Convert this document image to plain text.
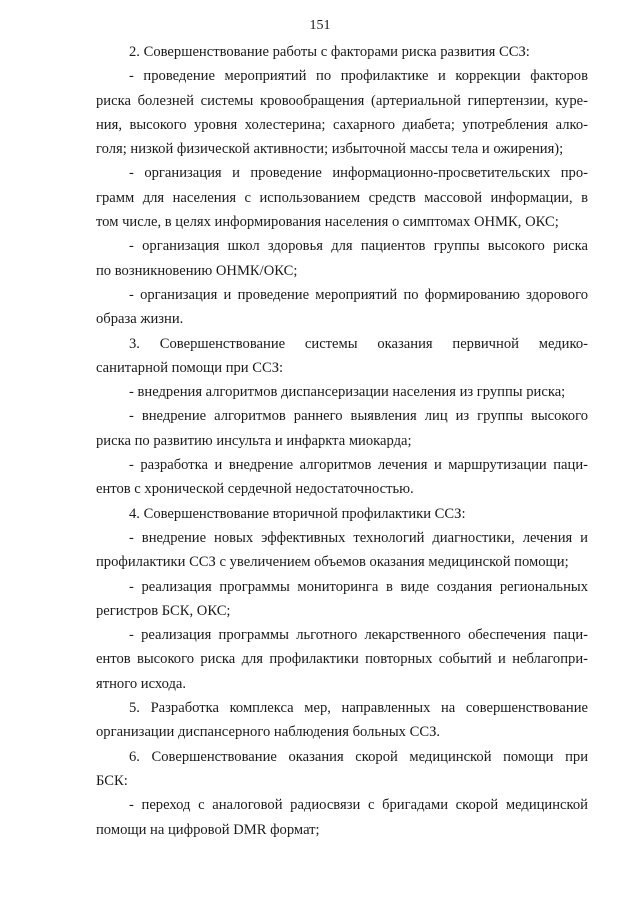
151

2. Совершенствование работы с факторами риска развития ССЗ:

- проведение мероприятий по профилактике и коррекции факторов
риска болезней системы кровообращения (артериальной гипертензии, куре-
ния, высокого уровня холестерина; сахарного диабета; употребления алко-
голя; низкой физической активности; избыточной массы тела и ожирения);

- организация и проведение информационно-просветительских про-
грамм для населения с использованием средств массовой информации, в
том числе, в целях информирования населения о симптомах ОНМК, ОКС;

- организация школ здоровья для пациентов группы высокого риска
по возникновению ОНМК/ОКС;

- организация и проведение мероприятий по формированию здорового
образа жизни.

3. Совершенствование системы оказания первичной медико-
санитарной помощи при ССЗ:

- внедрения алгоритмов диспансеризации населения из группы риска;

- внедрение алгоритмов раннего выявления лиц из группы высокого
риска по развитию инсульта и инфаркта миокарда;

- разработка и внедрение алгоритмов лечения и маршрутизации паци-
ентов с хронической сердечной недостаточностью.

4. Совершенствование вторичной профилактики ССЗ:

- внедрение новых эффективных технологий диагностики, лечения и
профилактики ССЗ с увеличением объемов оказания медицинской помощи;

- реализация программы мониторинга в виде создания региональных
регистров БСК, ОКС;

- реализация программы льготного лекарственного обеспечения паци-
ентов высокого риска для профилактики повторных событий и неблагопри-
ятного исхода.

5. Разработка комплекса мер, направленных на совершенствование
организации диспансерного наблюдения больных ССЗ.

6. Совершенствование оказания скорой медицинской помощи при
БСК:

- переход с аналоговой радиосвязи с бригадами скорой медицинской
помощи на цифровой DMR формат;
